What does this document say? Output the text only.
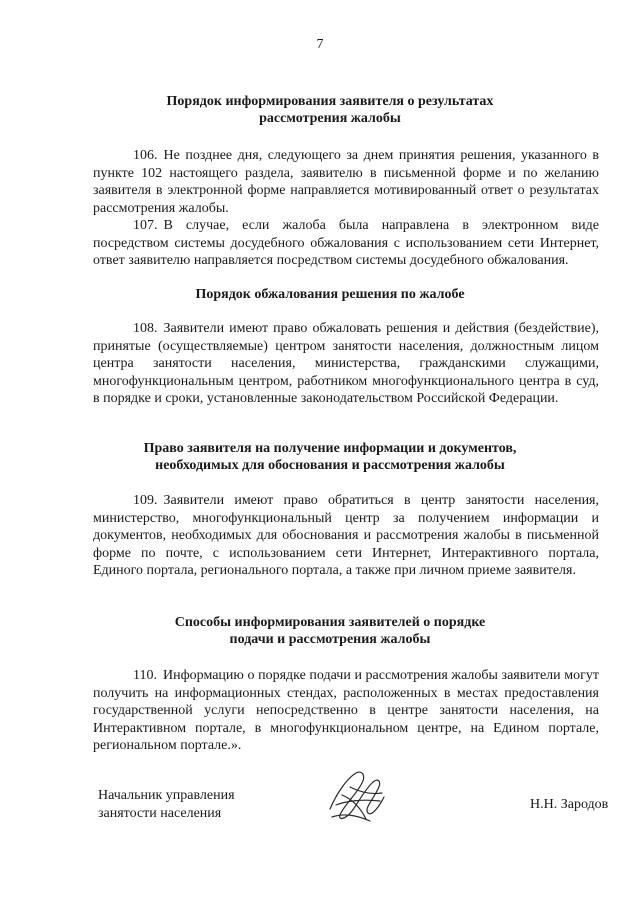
7
Порядок информирования заявителя о результатах
рассмотрения жалобы
106. Не позднее дня, следующего за днем принятия решения, указанного в пункте 102 настоящего раздела, заявителю в письменной форме и по желанию заявителя в электронной форме направляется мотивированный ответ о результатах рассмотрения жалобы.
107. В случае, если жалоба была направлена в электронном виде посредством системы досудебного обжалования с использованием сети Интернет, ответ заявителю направляется посредством системы досудебного обжалования.
Порядок обжалования решения по жалобе
108. Заявители имеют право обжаловать решения и действия (бездействие), принятые (осуществляемые) центром занятости населения, должностным лицом центра занятости населения, министерства, гражданскими служащими, многофункциональным центром, работником многофункционального центра в суд, в порядке и сроки, установленные законодательством Российской Федерации.
Право заявителя на получение информации и документов,
необходимых для обоснования и рассмотрения жалобы
109. Заявители имеют право обратиться в центр занятости населения, министерство, многофункциональный центр за получением информации и документов, необходимых для обоснования и рассмотрения жалобы в письменной форме по почте, с использованием сети Интернет, Интерактивного портала, Единого портала, регионального портала, а также при личном приеме заявителя.
Способы информирования заявителей о порядке
подачи и рассмотрения жалобы
110. Информацию о порядке подачи и рассмотрения жалобы заявители могут получить на информационных стендах, расположенных в местах предоставления государственной услуги непосредственно в центре занятости населения, на Интерактивном портале, в многофункциональном центре, на Едином портале, региональном портале.».
Начальник управления
занятости населения
Н.Н. Зародов
